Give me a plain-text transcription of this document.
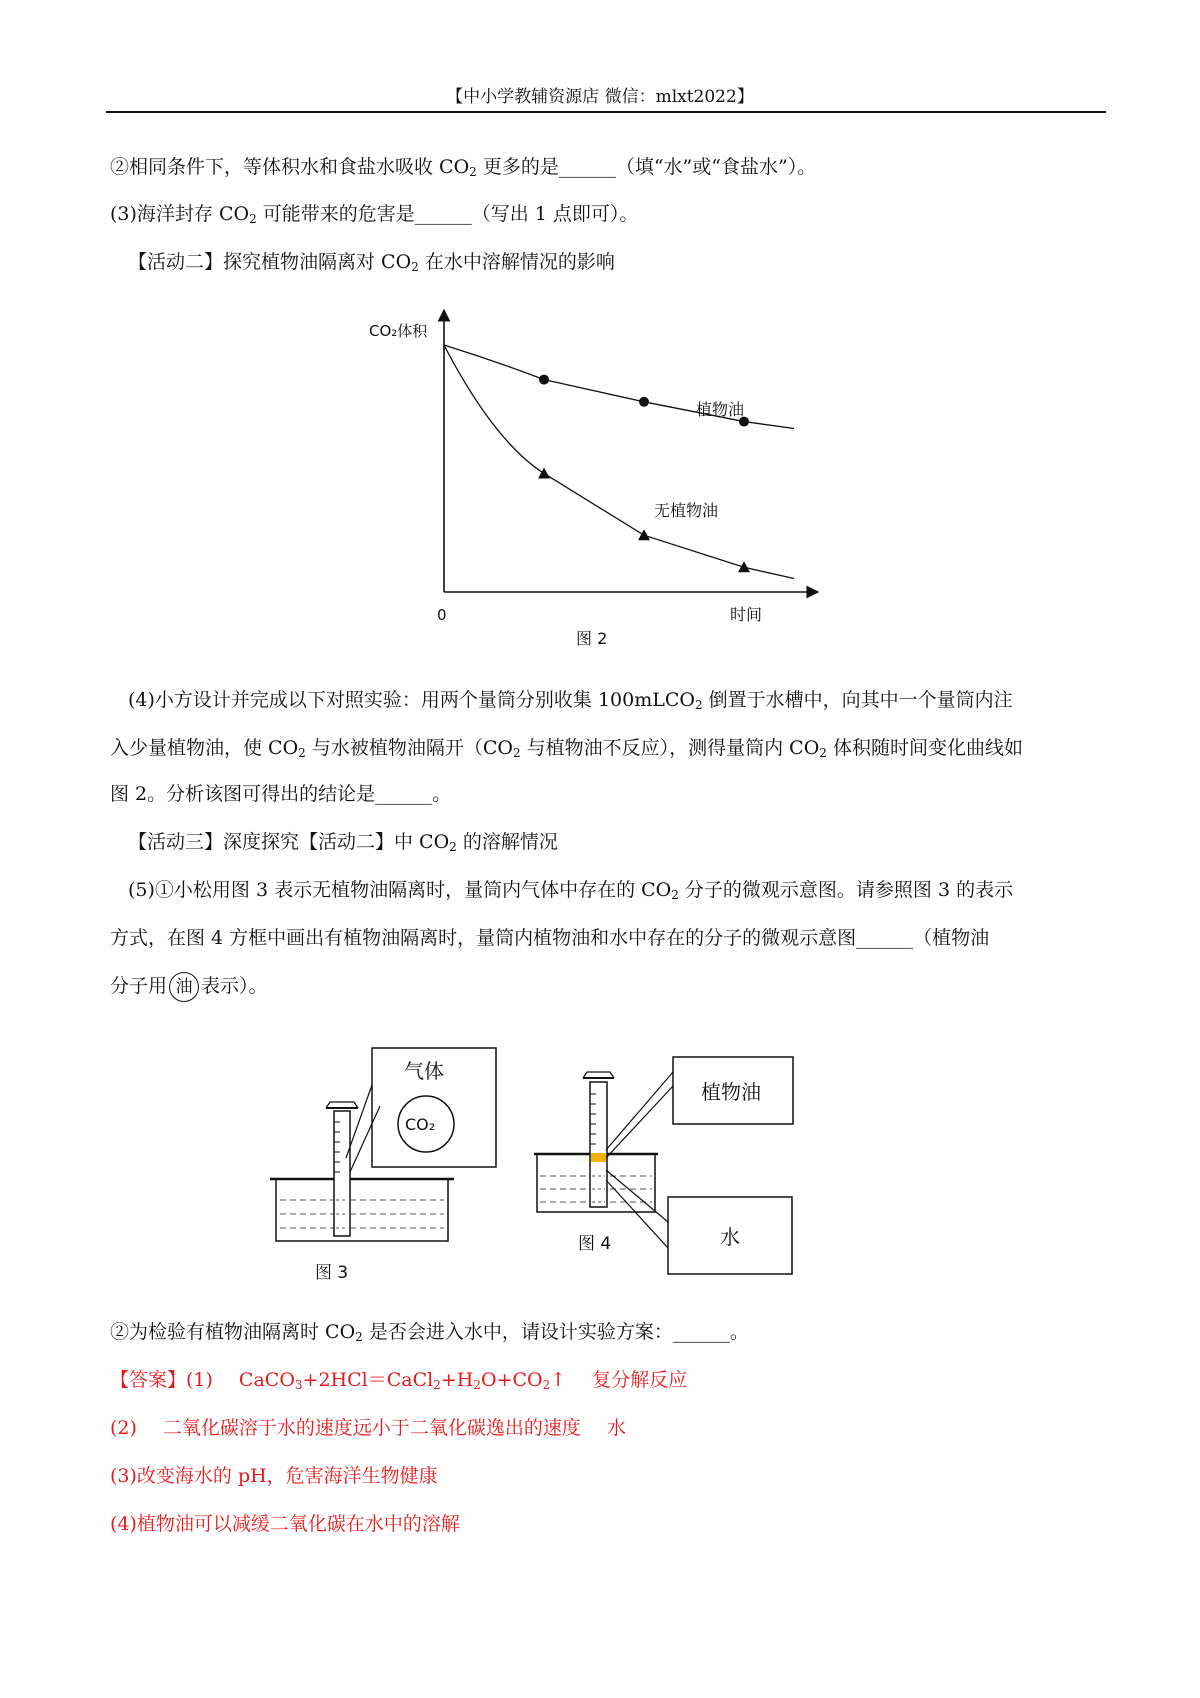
【中小学教辅资源店 微信：mlxt2022】
②相同条件下，等体积水和食盐水吸收 $CO_2$ 更多的是______（填“水”或“食盐水”）。
(3)海洋封存 $CO_2$ 可能带来的危害是______（写出 1 点即可）。
【活动二】探究植物油隔离对 $CO_2$ 在水中溶解情况的影响
CO₂体积
时间
0
图 2
植物油
无植物油
(4)小方设计并完成以下对照实验：用两个量筒分别收集 100mLCO$_2$ 倒置于水槽中，向其中一个量筒内注
入少量植物油，使 $CO_2$ 与水被植物油隔开（$CO_2$ 与植物油不反应），测得量筒内 $CO_2$ 体积随时间变化曲线如
图 2。分析该图可得出的结论是______。
【活动三】深度探究【活动二】中 $CO_2$ 的溶解情况
(5)①小松用图 3 表示无植物油隔离时，量筒内气体中存在的 $CO_2$ 分子的微观示意图。请参照图 3 的表示
方式，在图 4 方框中画出有植物油隔离时，量筒内植物油和水中存在的分子的微观示意图______（植物油
分子用 油 表示）。
气体
CO₂
图 3
植物油
水
图 4
②为检验有植物油隔离时 $CO_2$ 是否会进入水中，请设计实验方案：______。
【答案】(1) $CaCO_3+2HCl=CaCl_2+H_2O+CO_2↑$ 复分解反应
(2) 二氧化碳溶于水的速度远小于二氧化碳逸出的速度 水
(3)改变海水的 pH，危害海洋生物健康
(4)植物油可以减缓二氧化碳在水中的溶解
